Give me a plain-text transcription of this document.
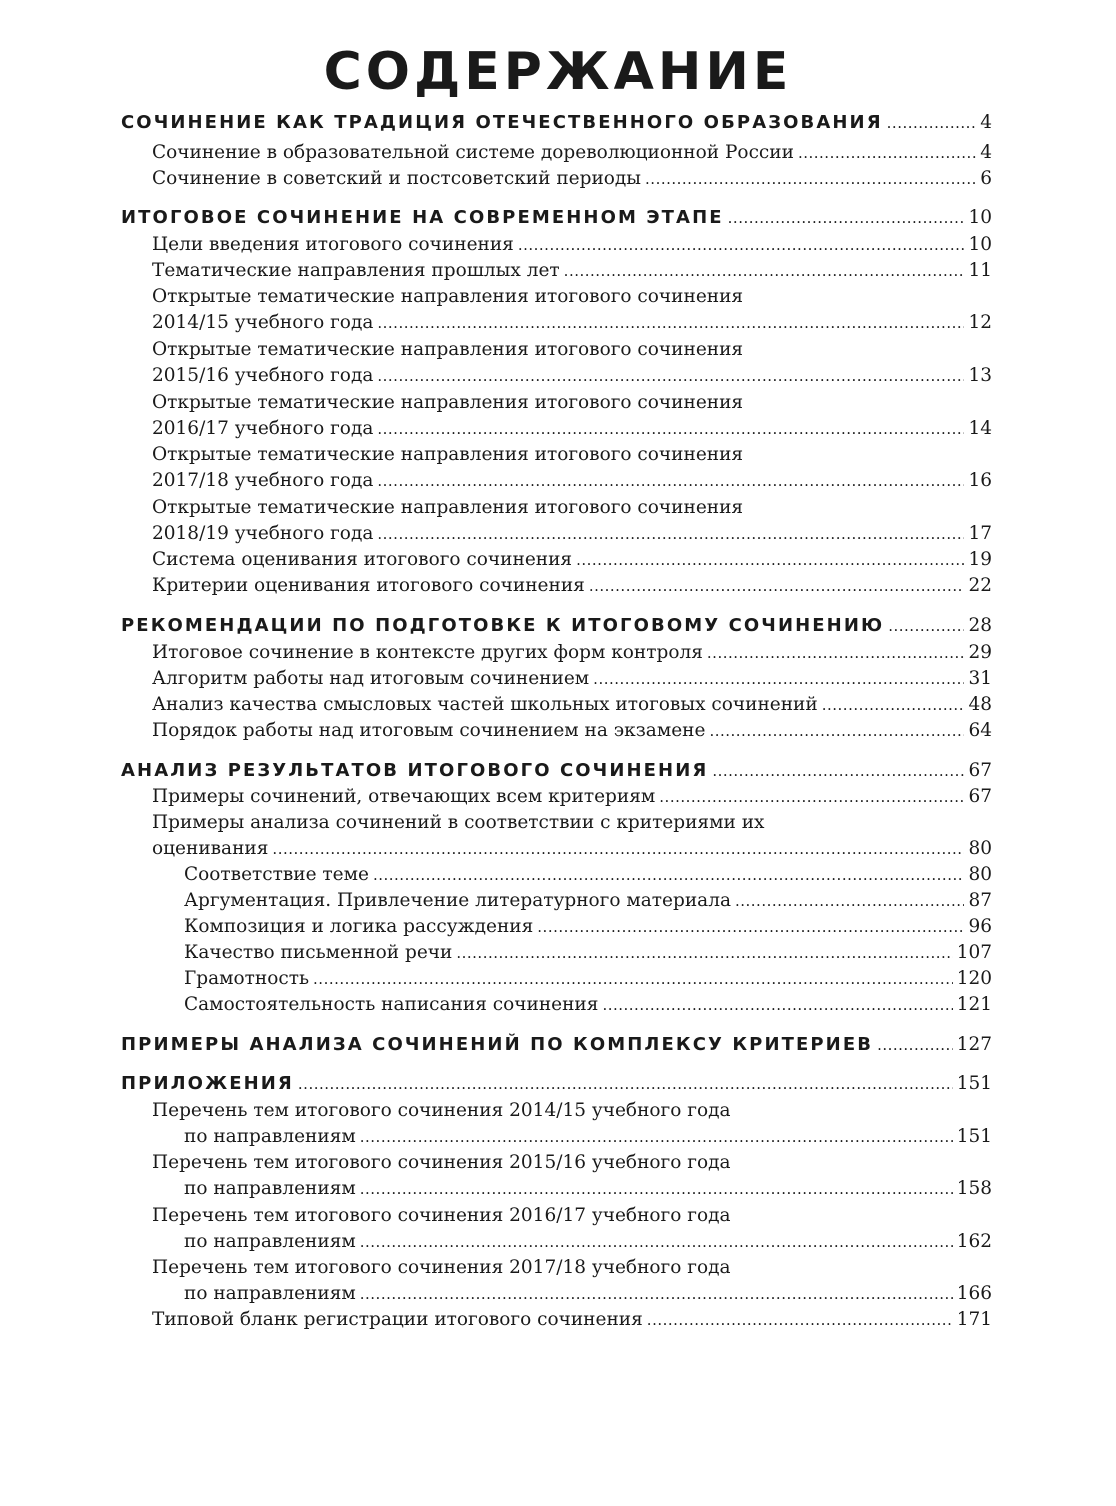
СОДЕРЖАНИЕ
СОЧИНЕНИЕ КАК ТРАДИЦИЯ ОТЕЧЕСТВЕННОГО ОБРАЗОВАНИЯ .....	4
Сочинение в образовательной системе дореволюционной России .....	4
Сочинение в советский и постсоветский периоды .....	6
ИТОГОВОЕ СОЧИНЕНИЕ НА СОВРЕМЕННОМ ЭТАПЕ .....	10
Цели введения итогового сочинения .....	10
Тематические направления прошлых лет .....	11
Открытые тематические направления итогового сочинения
2014/15 учебного года .....	12
Открытые тематические направления итогового сочинения
2015/16 учебного года .....	13
Открытые тематические направления итогового сочинения
2016/17 учебного года .....	14
Открытые тематические направления итогового сочинения
2017/18 учебного года .....	16
Открытые тематические направления итогового сочинения
2018/19 учебного года .....	17
Система оценивания итогового сочинения .....	19
Критерии оценивания итогового сочинения .....	22
РЕКОМЕНДАЦИИ ПО ПОДГОТОВКЕ К ИТОГОВОМУ СОЧИНЕНИЮ .....	28
Итоговое сочинение в контексте других форм контроля .....	29
Алгоритм работы над итоговым сочинением .....	31
Анализ качества смысловых частей школьных итоговых сочинений .....	48
Порядок работы над итоговым сочинением на экзамене .....	64
АНАЛИЗ РЕЗУЛЬТАТОВ ИТОГОВОГО СОЧИНЕНИЯ .....	67
Примеры сочинений, отвечающих всем критериям .....	67
Примеры анализа сочинений в соответствии с критериями их
оценивания .....	80
Соответствие теме .....	80
Аргументация. Привлечение литературного материала .....	87
Композиция и логика рассуждения .....	96
Качество письменной речи .....	107
Грамотность .....	120
Самостоятельность написания сочинения .....	121
ПРИМЕРЫ АНАЛИЗА СОЧИНЕНИЙ ПО КОМПЛЕКСУ КРИТЕРИЕВ .....	127
ПРИЛОЖЕНИЯ .....	151
Перечень тем итогового сочинения 2014/15 учебного года
по направлениям .....	151
Перечень тем итогового сочинения 2015/16 учебного года
по направлениям .....	158
Перечень тем итогового сочинения 2016/17 учебного года
по направлениям .....	162
Перечень тем итогового сочинения 2017/18 учебного года
по направлениям .....	166
Типовой бланк регистрации итогового сочинения .....	171
